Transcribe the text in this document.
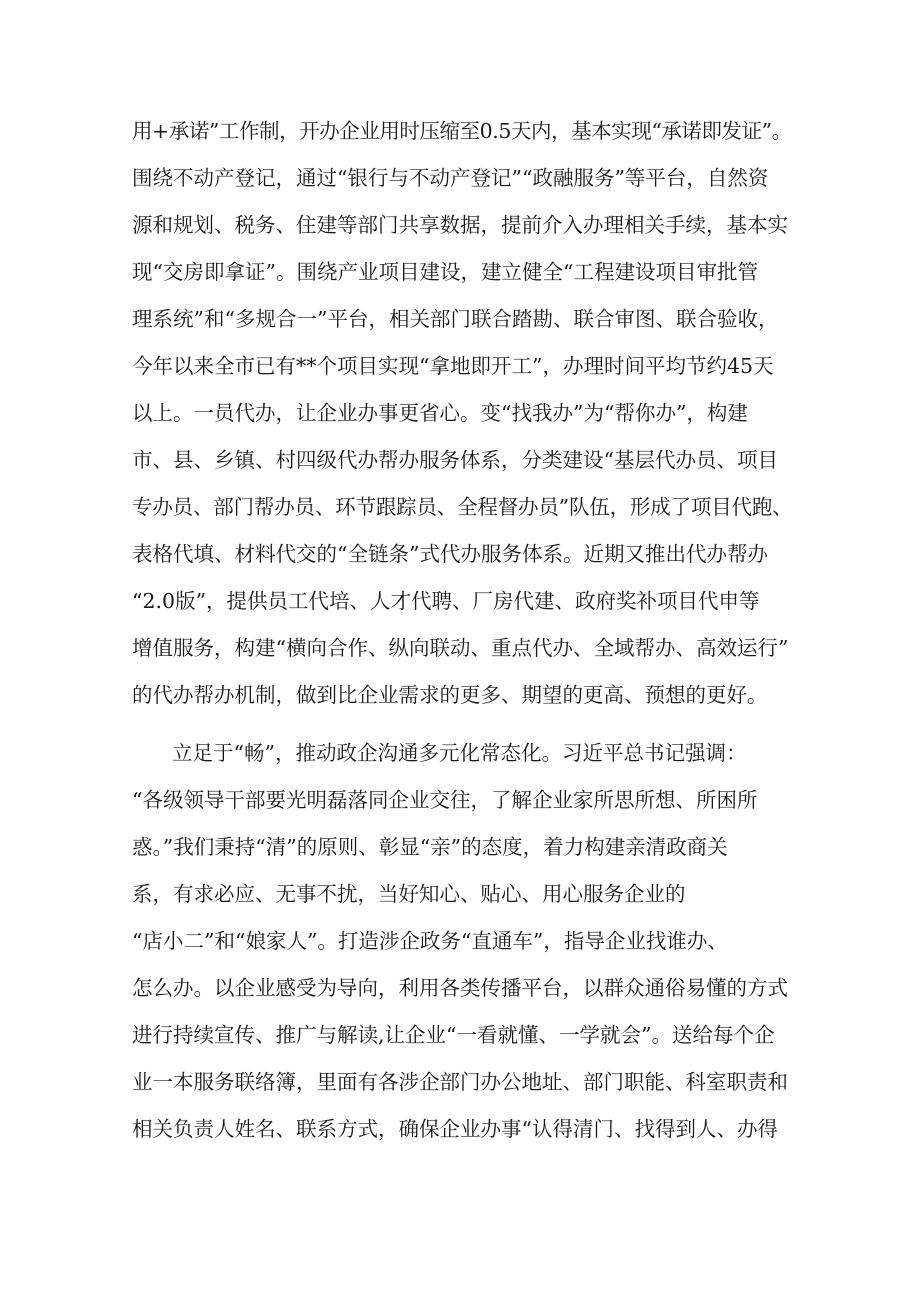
用+承诺”工作制，开办企业用时压缩至0.5天内，基本实现“承诺即发证”。
围绕不动产登记，通过“银行与不动产登记”“政融服务”等平台，自然资
源和规划、税务、住建等部门共享数据，提前介入办理相关手续，基本实
现“交房即拿证”。围绕产业项目建设，建立健全“工程建设项目审批管
理系统”和“多规合一”平台，相关部门联合踏勘、联合审图、联合验收，
今年以来全市已有**个项目实现“拿地即开工”，办理时间平均节约45天
以上。一员代办，让企业办事更省心。变“找我办”为“帮你办”，构建
市、县、乡镇、村四级代办帮办服务体系，分类建设“基层代办员、项目
专办员、部门帮办员、环节跟踪员、全程督办员”队伍，形成了项目代跑、
表格代填、材料代交的“全链条”式代办服务体系。近期又推出代办帮办
“2.0版”，提供员工代培、人才代聘、厂房代建、政府奖补项目代申等
增值服务，构建“横向合作、纵向联动、重点代办、全域帮办、高效运行”
的代办帮办机制，做到比企业需求的更多、期望的更高、预想的更好。
立足于“畅”，推动政企沟通多元化常态化。习近平总书记强调：
“各级领导干部要光明磊落同企业交往，了解企业家所思所想、所困所
惑。”我们秉持“清”的原则、彰显“亲”的态度，着力构建亲清政商关
系，有求必应、无事不扰，当好知心、贴心、用心服务企业的
“店小二”和“娘家人”。打造涉企政务“直通车”，指导企业找谁办、
怎么办。以企业感受为导向，利用各类传播平台，以群众通俗易懂的方式
进行持续宣传、推广与解读,让企业“一看就懂、一学就会”。送给每个企
业一本服务联络簿，里面有各涉企部门办公地址、部门职能、科室职责和
相关负责人姓名、联系方式，确保企业办事“认得清门、找得到人、办得
